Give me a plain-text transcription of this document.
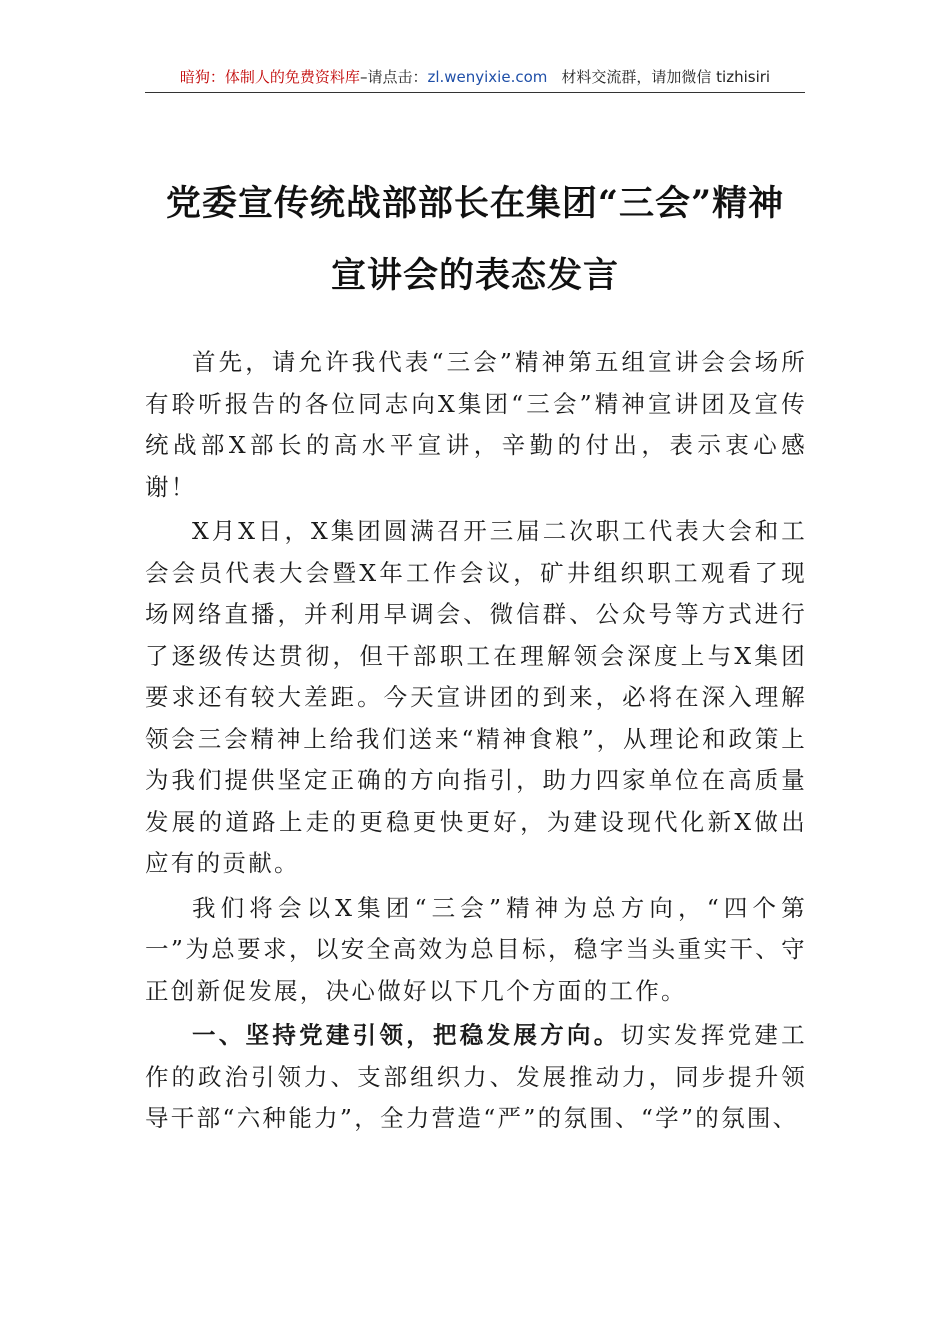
暗狗：体制人的免费资料库–请点击：zl.wenyixie.com 材料交流群，请加微信 tizhisiri
党委宣传统战部部长在集团“三会”精神
宣讲会的表态发言

首先，请允许我代表“三会”精神第五组宣讲会会场所有聆听报告的各位同志向X集团“三会”精神宣讲团及宣传统战部X部长的高水平宣讲，辛勤的付出，表示衷心感谢！

X月X日，X集团圆满召开三届二次职工代表大会和工会会员代表大会暨X年工作会议，矿井组织职工观看了现场网络直播，并利用早调会、微信群、公众号等方式进行了逐级传达贯彻，但干部职工在理解领会深度上与X集团要求还有较大差距。今天宣讲团的到来，必将在深入理解领会三会精神上给我们送来“精神食粮”，从理论和政策上为我们提供坚定正确的方向指引，助力四家单位在高质量发展的道路上走的更稳更快更好，为建设现代化新X做出应有的贡献。

我们将会以X集团“三会”精神为总方向，“四个第一”为总要求，以安全高效为总目标，稳字当头重实干、守正创新促发展，决心做好以下几个方面的工作。

一、坚持党建引领，把稳发展方向。切实发挥党建工作的政治引领力、支部组织力、发展推动力，同步提升领导干部“六种能力”，全力营造“严”的氛围、“学”的氛围、
